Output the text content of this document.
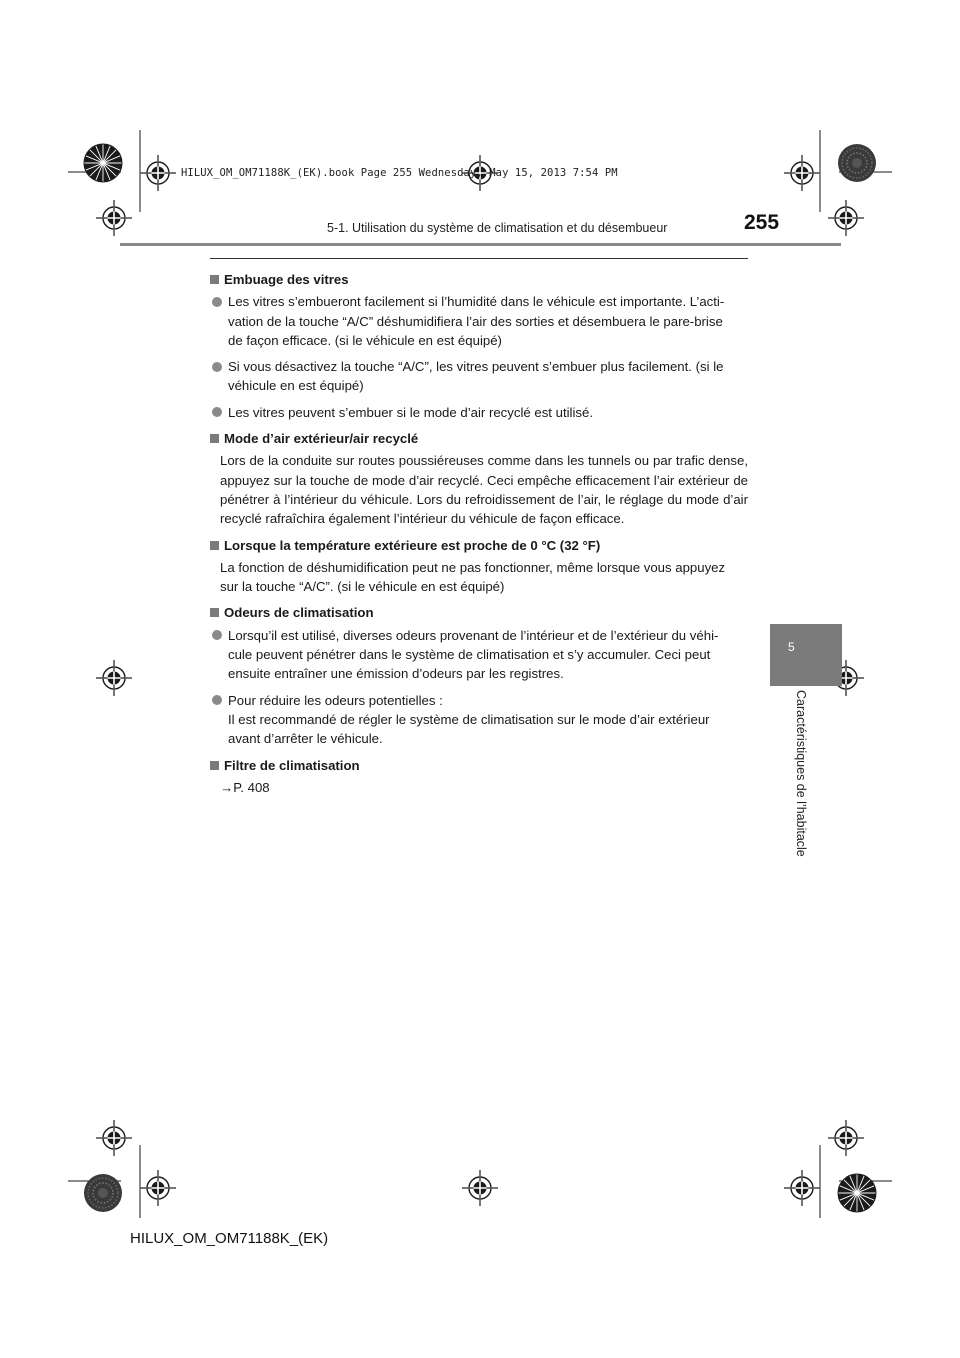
HILUX_OM_OM71188K_(EK).book Page 255 Wednesday, May 15, 2013 7:54 PM
5-1. Utilisation du système de climatisation et du désembueur	255
5
Caractéristiques de l’habitacle
Embuage des vitres
Les vitres s’embueront facilement si l’humidité dans le véhicule est importante. L’acti-
vation de la touche “A/C” déshumidifiera l’air des sorties et désembuera le pare-brise
de façon efficace. (si le véhicule en est équipé)
Si vous désactivez la touche “A/C”, les vitres peuvent s’embuer plus facilement. (si le
véhicule en est équipé)
Les vitres peuvent s’embuer si le mode d’air recyclé est utilisé.
Mode d’air extérieur/air recyclé
Lors de la conduite sur routes poussiéreuses comme dans les tunnels ou par trafic dense, appuyez sur la touche de mode d’air recyclé. Ceci empêche efficacement l’air extérieur de pénétrer à l’intérieur du véhicule. Lors du refroidissement de l’air, le réglage du mode d’air recyclé rafraîchira également l’intérieur du véhicule de façon efficace.
Lorsque la température extérieure est proche de 0 °C (32 °F)
La fonction de déshumidification peut ne pas fonctionner, même lorsque vous appuyez
sur la touche “A/C”. (si le véhicule en est équipé)
Odeurs de climatisation
Lorsqu’il est utilisé, diverses odeurs provenant de l’intérieur et de l’extérieur du véhi-
cule peuvent pénétrer dans le système de climatisation et s’y accumuler. Ceci peut
ensuite entraîner une émission d’odeurs par les registres.
Pour réduire les odeurs potentielles :
Il est recommandé de régler le système de climatisation sur le mode d’air extérieur
avant d’arrêter le véhicule.
Filtre de climatisation
→P. 408
HILUX_OM_OM71188K_(EK)
